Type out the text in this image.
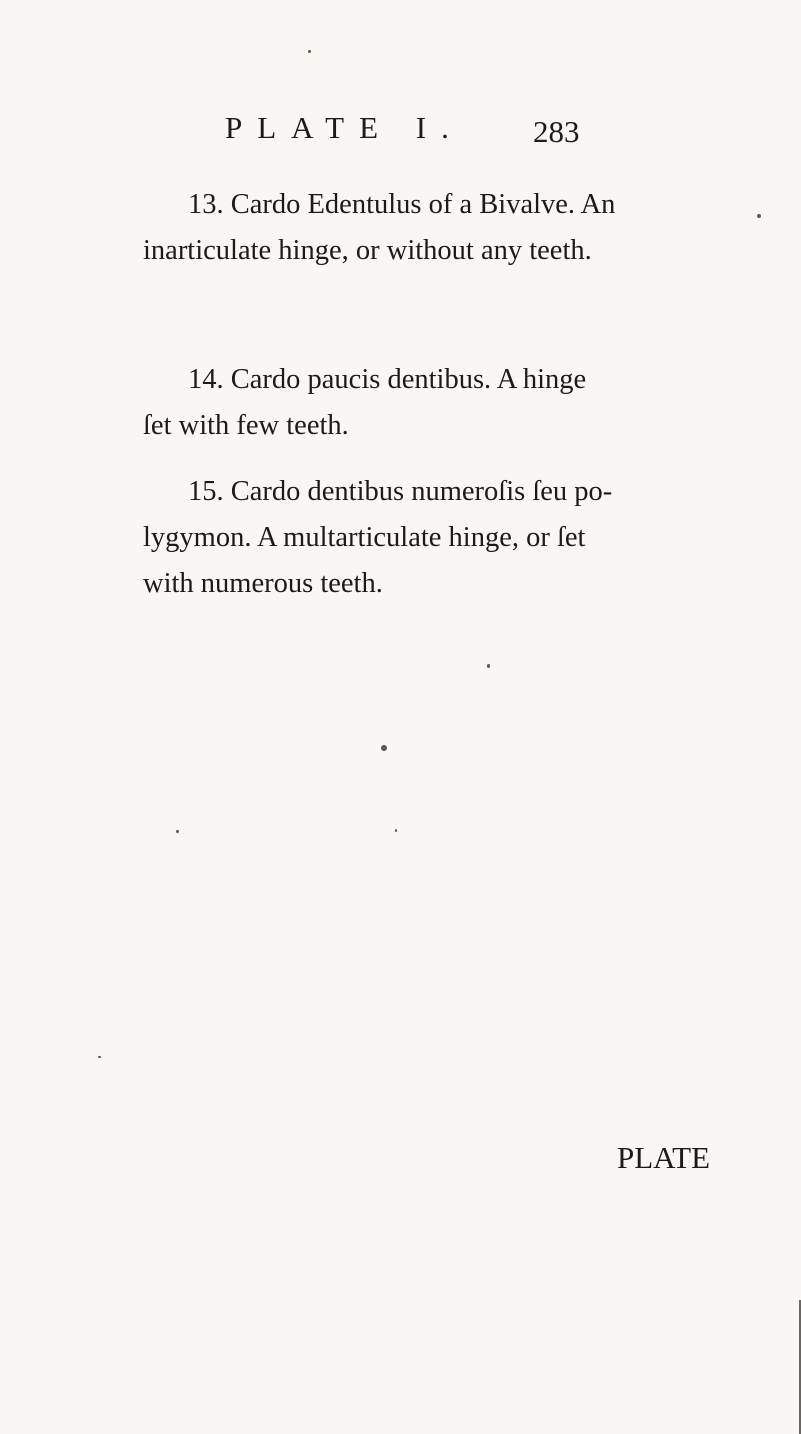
PLATE I. 283
13. Cardo Edentulus of a Bivalve. An
inarticulate hinge, or without any teeth.
14. Cardo paucis dentibus. A hinge
ſet with few teeth.
15. Cardo dentibus numeroſis ſeu po-
lygymon. A multarticulate hinge, or ſet
with numerous teeth.
PLATE
